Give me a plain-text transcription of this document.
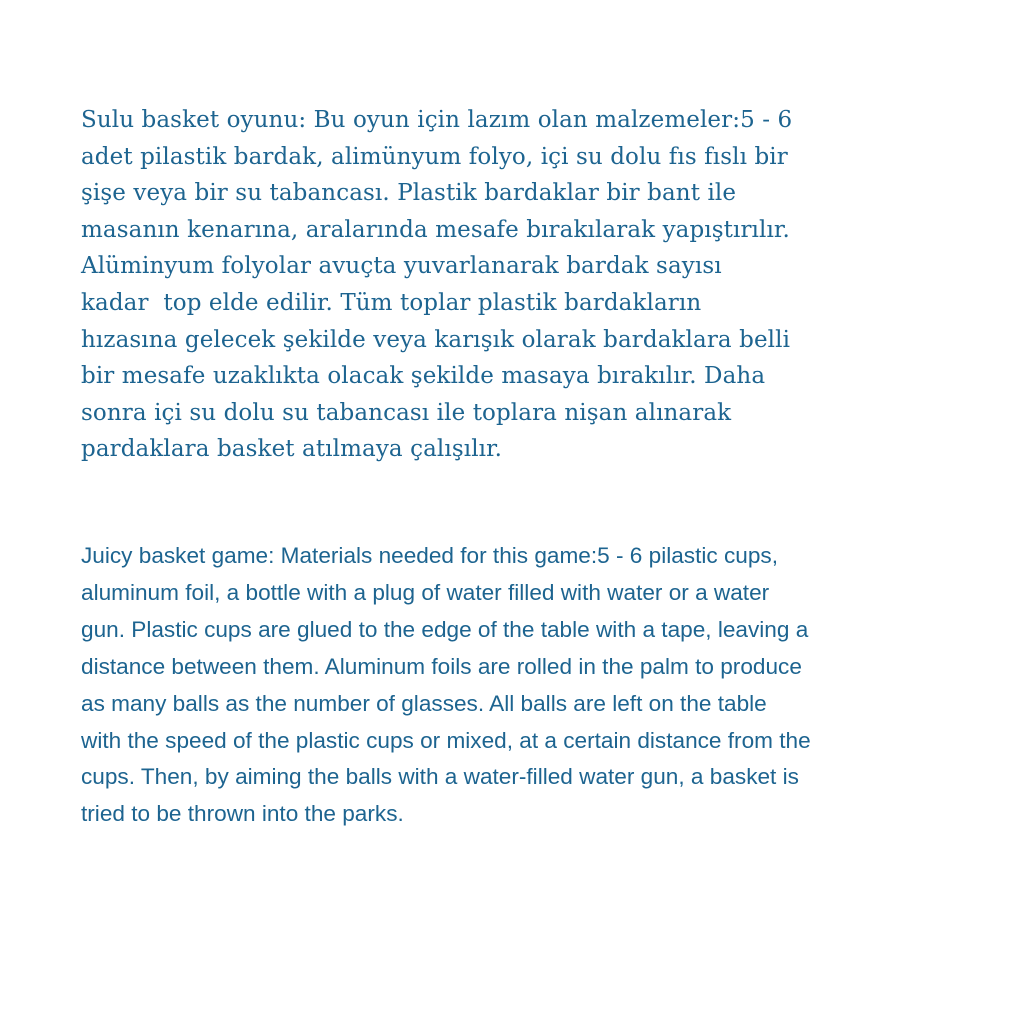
Sulu basket oyunu: Bu oyun için lazım olan malzemeler:5 - 6
adet pilastik bardak, alimünyum folyo, içi su dolu fıs fıslı bir
şişe veya bir su tabancası. Plastik bardaklar bir bant ile
masanın kenarına, aralarında mesafe bırakılarak yapıştırılır.
Alüminyum folyolar avuçta yuvarlanarak bardak sayısı
kadar  top elde edilir. Tüm toplar plastik bardakların
hızasına gelecek şekilde veya karışık olarak bardaklara belli
bir mesafe uzaklıkta olacak şekilde masaya bırakılır. Daha
sonra içi su dolu su tabancası ile toplara nişan alınarak
pardaklara basket atılmaya çalışılır.

Juicy basket game: Materials needed for this game:5 - 6 pilastic cups,
aluminum foil, a bottle with a plug of water filled with water or a water
gun. Plastic cups are glued to the edge of the table with a tape, leaving a
distance between them. Aluminum foils are rolled in the palm to produce
as many balls as the number of glasses. All balls are left on the table
with the speed of the plastic cups or mixed, at a certain distance from the
cups. Then, by aiming the balls with a water-filled water gun, a basket is
tried to be thrown into the parks.
